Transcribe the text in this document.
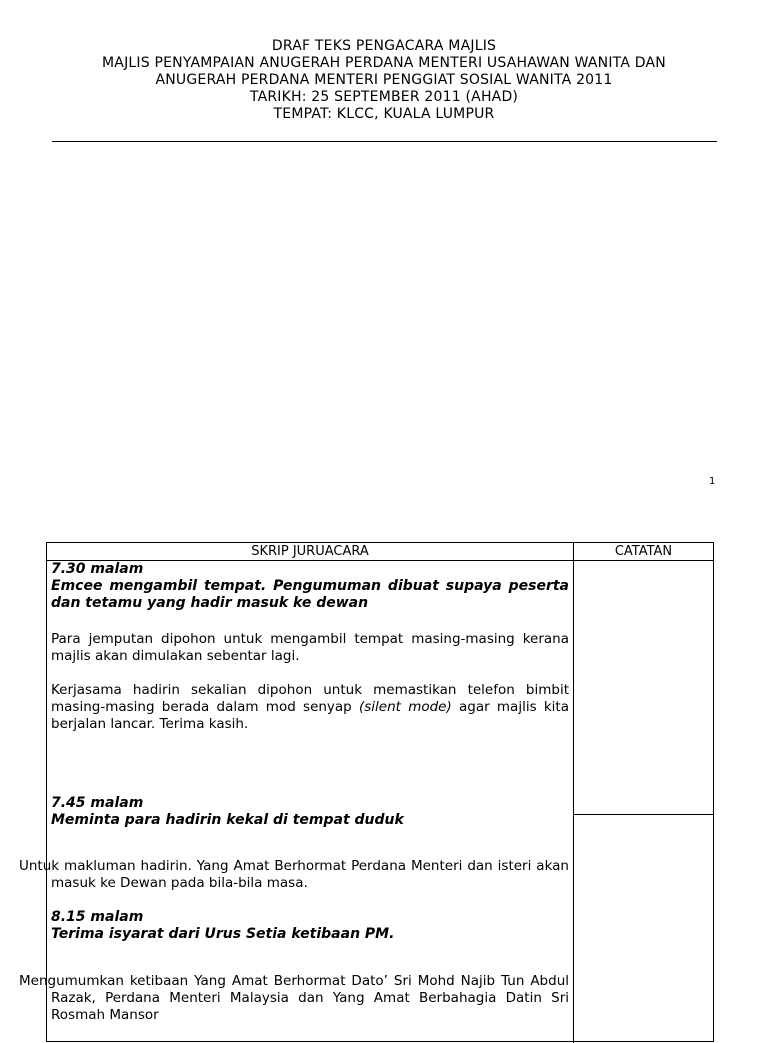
DRAF TEKS PENGACARA MAJLIS
MAJLIS PENYAMPAIAN ANUGERAH PERDANA MENTERI USAHAWAN WANITA DAN
ANUGERAH PERDANA MENTERI PENGGIAT SOSIAL WANITA 2011
TARIKH: 25 SEPTEMBER 2011 (AHAD)
TEMPAT: KLCC, KUALA LUMPUR
1
SKRIP JURUACARA	CATATAN
7.30 malam
Emcee mengambil tempat. Pengumuman dibuat supaya peserta dan tetamu yang hadir masuk ke dewan
Para jemputan dipohon untuk mengambil tempat masing-masing kerana majlis akan dimulakan sebentar lagi.
Kerjasama hadirin sekalian dipohon untuk memastikan telefon bimbit masing-masing berada dalam mod senyap (silent mode) agar majlis kita berjalan lancar. Terima kasih.
7.45 malam
Meminta para hadirin kekal di tempat duduk
Untuk makluman hadirin. Yang Amat Berhormat Perdana Menteri dan isteri akan masuk ke Dewan pada bila-bila masa.
8.15 malam
Terima isyarat dari Urus Setia ketibaan PM.
Mengumumkan ketibaan Yang Amat Berhormat Dato’ Sri Mohd Najib Tun Abdul Razak, Perdana Menteri Malaysia dan Yang Amat Berbahagia Datin Sri Rosmah Mansor
